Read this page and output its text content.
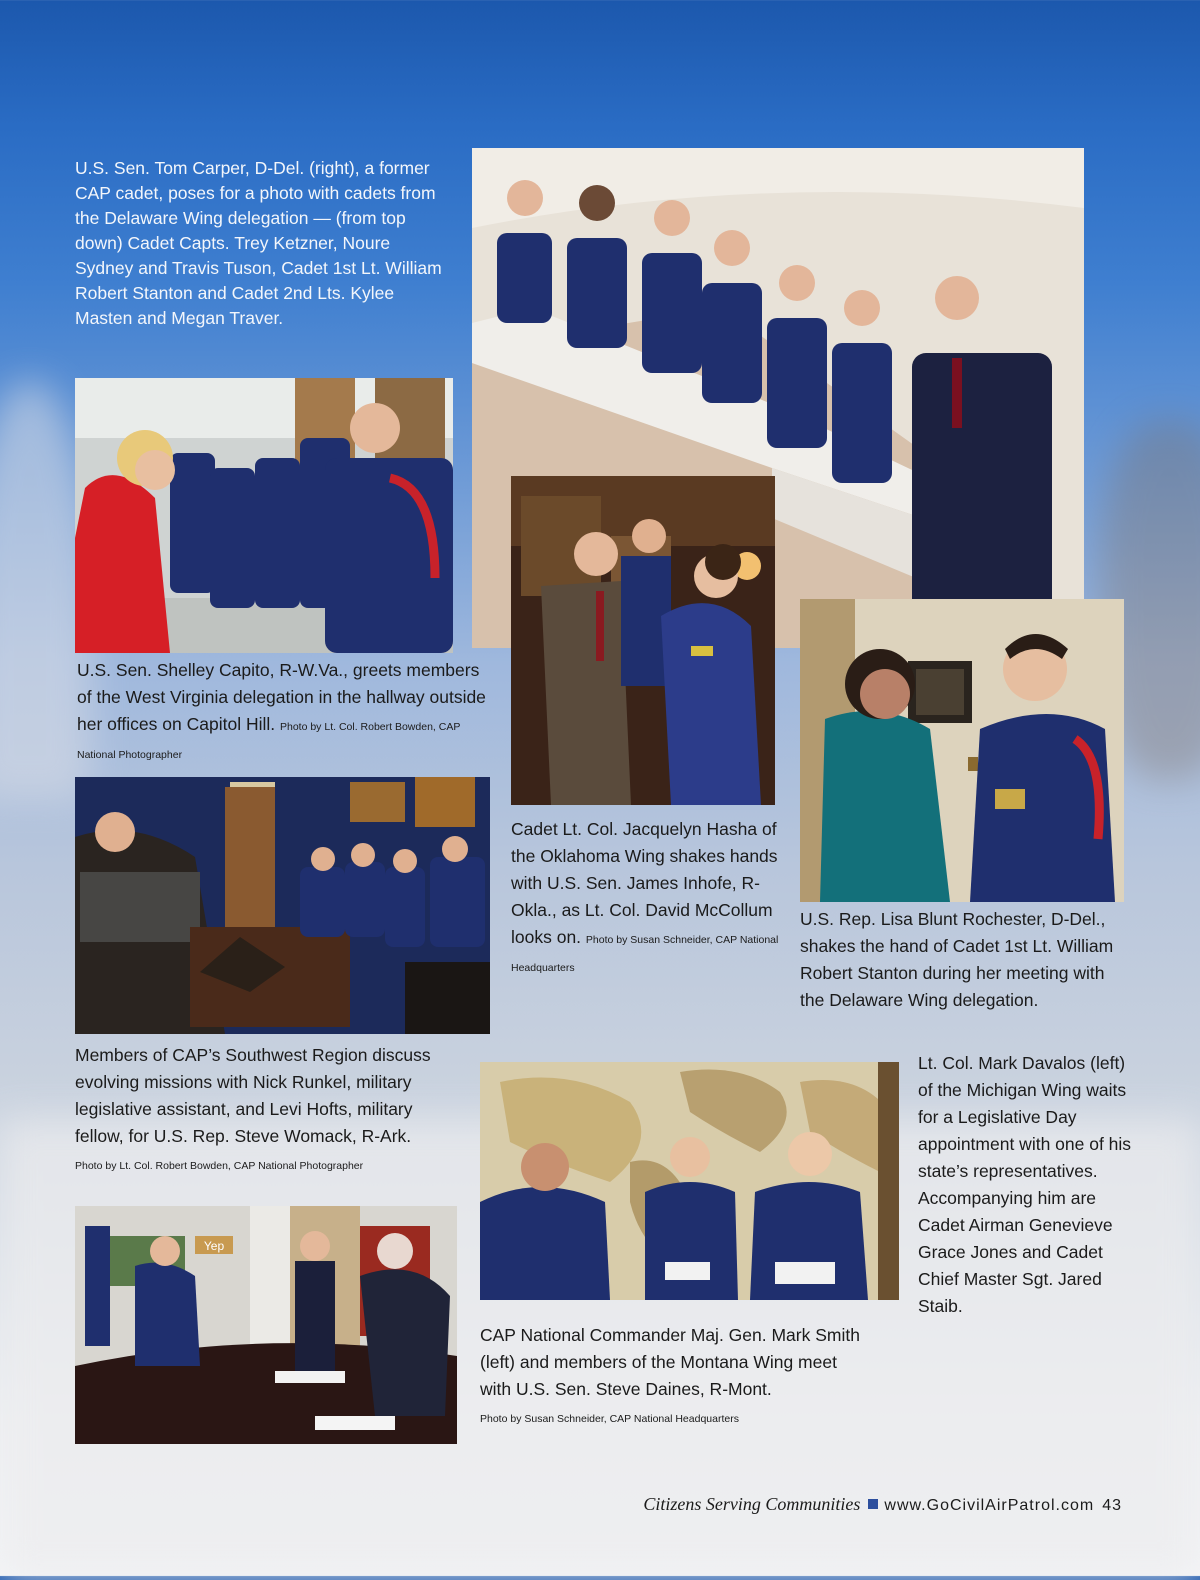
U.S. Sen. Tom Carper, D-Del. (right), a former CAP cadet, poses for a photo with cadets from the Delaware Wing delegation — (from top down) Cadet Capts. Trey Ketzner, Noure Sydney and Travis Tuson, Cadet 1st Lt. William Robert Stanton and Cadet 2nd Lts. Kylee Masten and Megan Traver.

U.S. Sen. Shelley Capito, R-W.Va., greets members of the West Virginia delegation in the hallway outside her offices on Capitol Hill. Photo by Lt. Col. Robert Bowden, CAP National Photographer

Cadet Lt. Col. Jacquelyn Hasha of the Oklahoma Wing shakes hands with U.S. Sen. James Inhofe, R-Okla., as Lt. Col. David McCollum looks on. Photo by Susan Schneider, CAP National Headquarters

U.S. Rep. Lisa Blunt Rochester, D-Del., shakes the hand of Cadet 1st Lt. William Robert Stanton during her meeting with the Delaware Wing delegation.

Members of CAP’s Southwest Region discuss evolving missions with Nick Runkel, military legislative assistant, and Levi Hofts, military fellow, for U.S. Rep. Steve Womack, R-Ark.
Photo by Lt. Col. Robert Bowden, CAP National Photographer

Lt. Col. Mark Davalos (left) of the Michigan Wing waits for a Legislative Day appointment with one of his state’s representatives. Accompanying him are Cadet Airman Genevieve Grace Jones and Cadet Chief Master Sgt. Jared Staib.

Yep

CAP National Commander Maj. Gen. Mark Smith (left) and members of the Montana Wing meet with U.S. Sen. Steve Daines, R-Mont.
Photo by Susan Schneider, CAP National Headquarters

Citizens Serving Communities www.GoCivilAirPatrol.com 43
